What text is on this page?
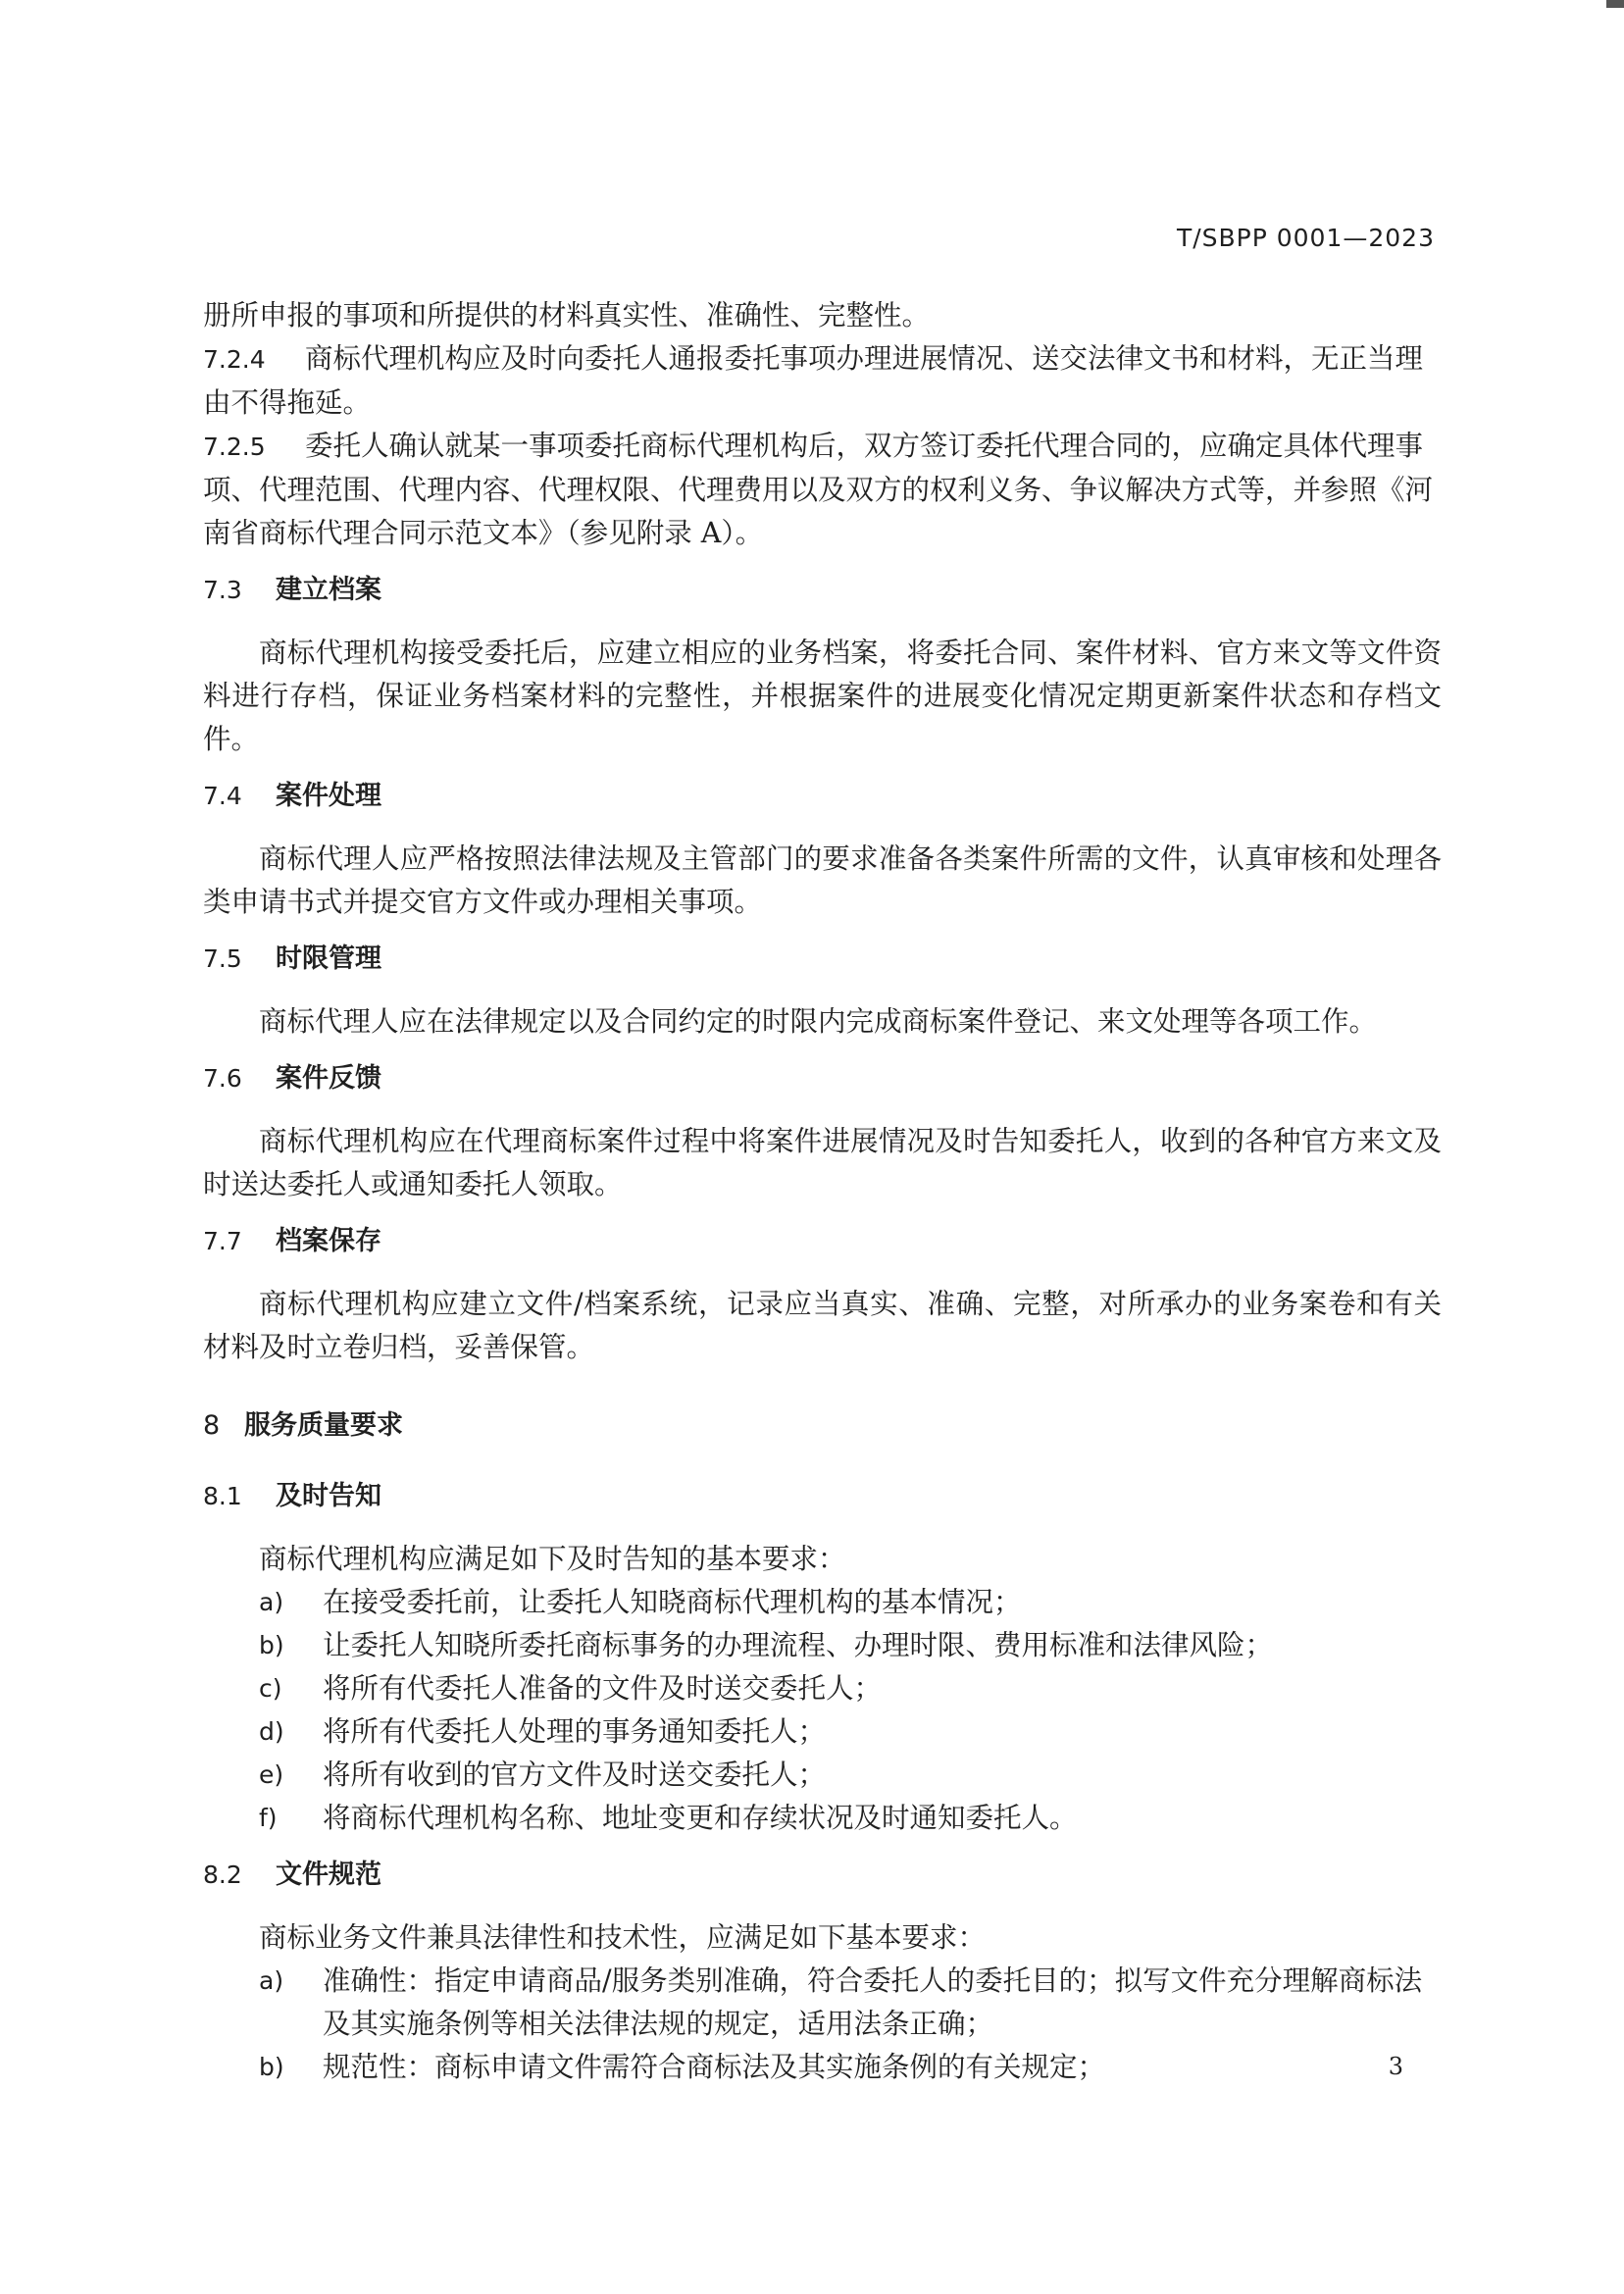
T/SBPP 0001—2023

册所申报的事项和所提供的材料真实性、准确性、完整性。

7.2.4 商标代理机构应及时向委托人通报委托事项办理进展情况、送交法律文书和材料，无正当理由不得拖延。

7.2.5 委托人确认就某一事项委托商标代理机构后，双方签订委托代理合同的，应确定具体代理事项、代理范围、代理内容、代理权限、代理费用以及双方的权利义务、争议解决方式等，并参照《河南省商标代理合同示范文本》（参见附录 A）。

7.3 建立档案

商标代理机构接受委托后，应建立相应的业务档案，将委托合同、案件材料、官方来文等文件资料进行存档，保证业务档案材料的完整性，并根据案件的进展变化情况定期更新案件状态和存档文件。

7.4 案件处理

商标代理人应严格按照法律法规及主管部门的要求准备各类案件所需的文件，认真审核和处理各类申请书式并提交官方文件或办理相关事项。

7.5 时限管理

商标代理人应在法律规定以及合同约定的时限内完成商标案件登记、来文处理等各项工作。

7.6 案件反馈

商标代理机构应在代理商标案件过程中将案件进展情况及时告知委托人，收到的各种官方来文及时送达委托人或通知委托人领取。

7.7 档案保存

商标代理机构应建立文件/档案系统，记录应当真实、准确、完整，对所承办的业务案卷和有关材料及时立卷归档，妥善保管。

8 服务质量要求
8.1 及时告知

商标代理机构应满足如下及时告知的基本要求：

a) 在接受委托前，让委托人知晓商标代理机构的基本情况；

b) 让委托人知晓所委托商标事务的办理流程、办理时限、费用标准和法律风险；

c) 将所有代委托人准备的文件及时送交委托人；

d) 将所有代委托人处理的事务通知委托人；

e) 将所有收到的官方文件及时送交委托人；

f) 将商标代理机构名称、地址变更和存续状况及时通知委托人。

8.2 文件规范

商标业务文件兼具法律性和技术性，应满足如下基本要求：

a) 准确性：指定申请商品/服务类别准确，符合委托人的委托目的；拟写文件充分理解商标法及其实施条例等相关法律法规的规定，适用法条正确；

b) 规范性：商标申请文件需符合商标法及其实施条例的有关规定；	3
